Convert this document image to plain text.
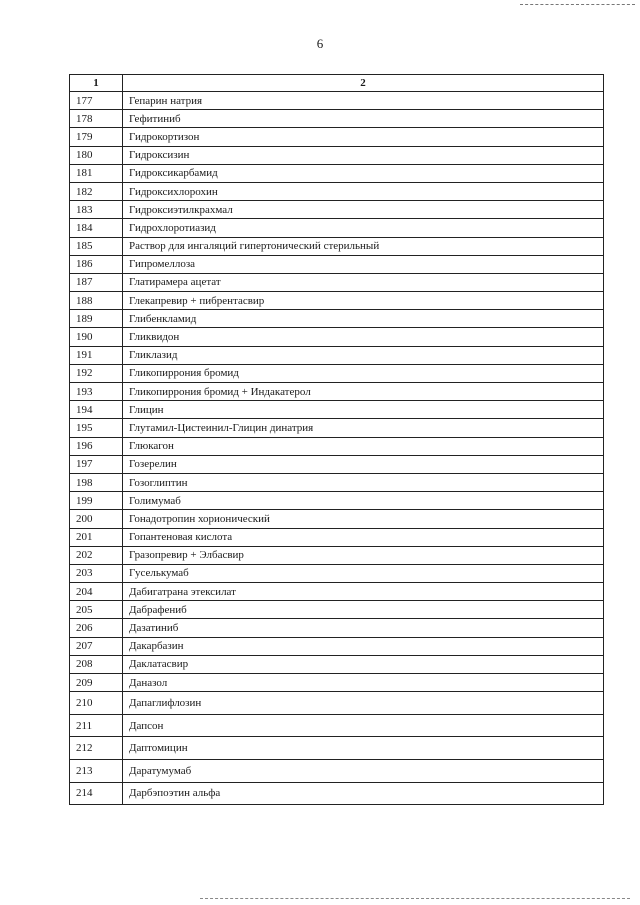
6
1	2
177	Гепарин натрия
178	Гефитиниб
179	Гидрокортизон
180	Гидроксизин
181	Гидроксикарбамид
182	Гидроксихлорохин
183	Гидроксиэтилкрахмал
184	Гидрохлоротиазид
185	Раствор для ингаляций гипертонический стерильный
186	Гипромеллоза
187	Глатирамера ацетат
188	Глекапревир + пибрентасвир
189	Глибенкламид
190	Гликвидон
191	Гликлазид
192	Гликопиррония бромид
193	Гликопиррония бромид + Индакатерол
194	Глицин
195	Глутамил-Цистеинил-Глицин динатрия
196	Глюкагон
197	Гозерелин
198	Гозоглиптин
199	Голимумаб
200	Гонадотропин хорионический
201	Гопантеновая кислота
202	Гразопревир + Элбасвир
203	Гуселькумаб
204	Дабигатрана этексилат
205	Дабрафениб
206	Дазатиниб
207	Дакарбазин
208	Даклатасвир
209	Даназол
210	Дапаглифлозин
211	Дапсон
212	Даптомицин
213	Даратумумаб
214	Дарбэпоэтин альфа
